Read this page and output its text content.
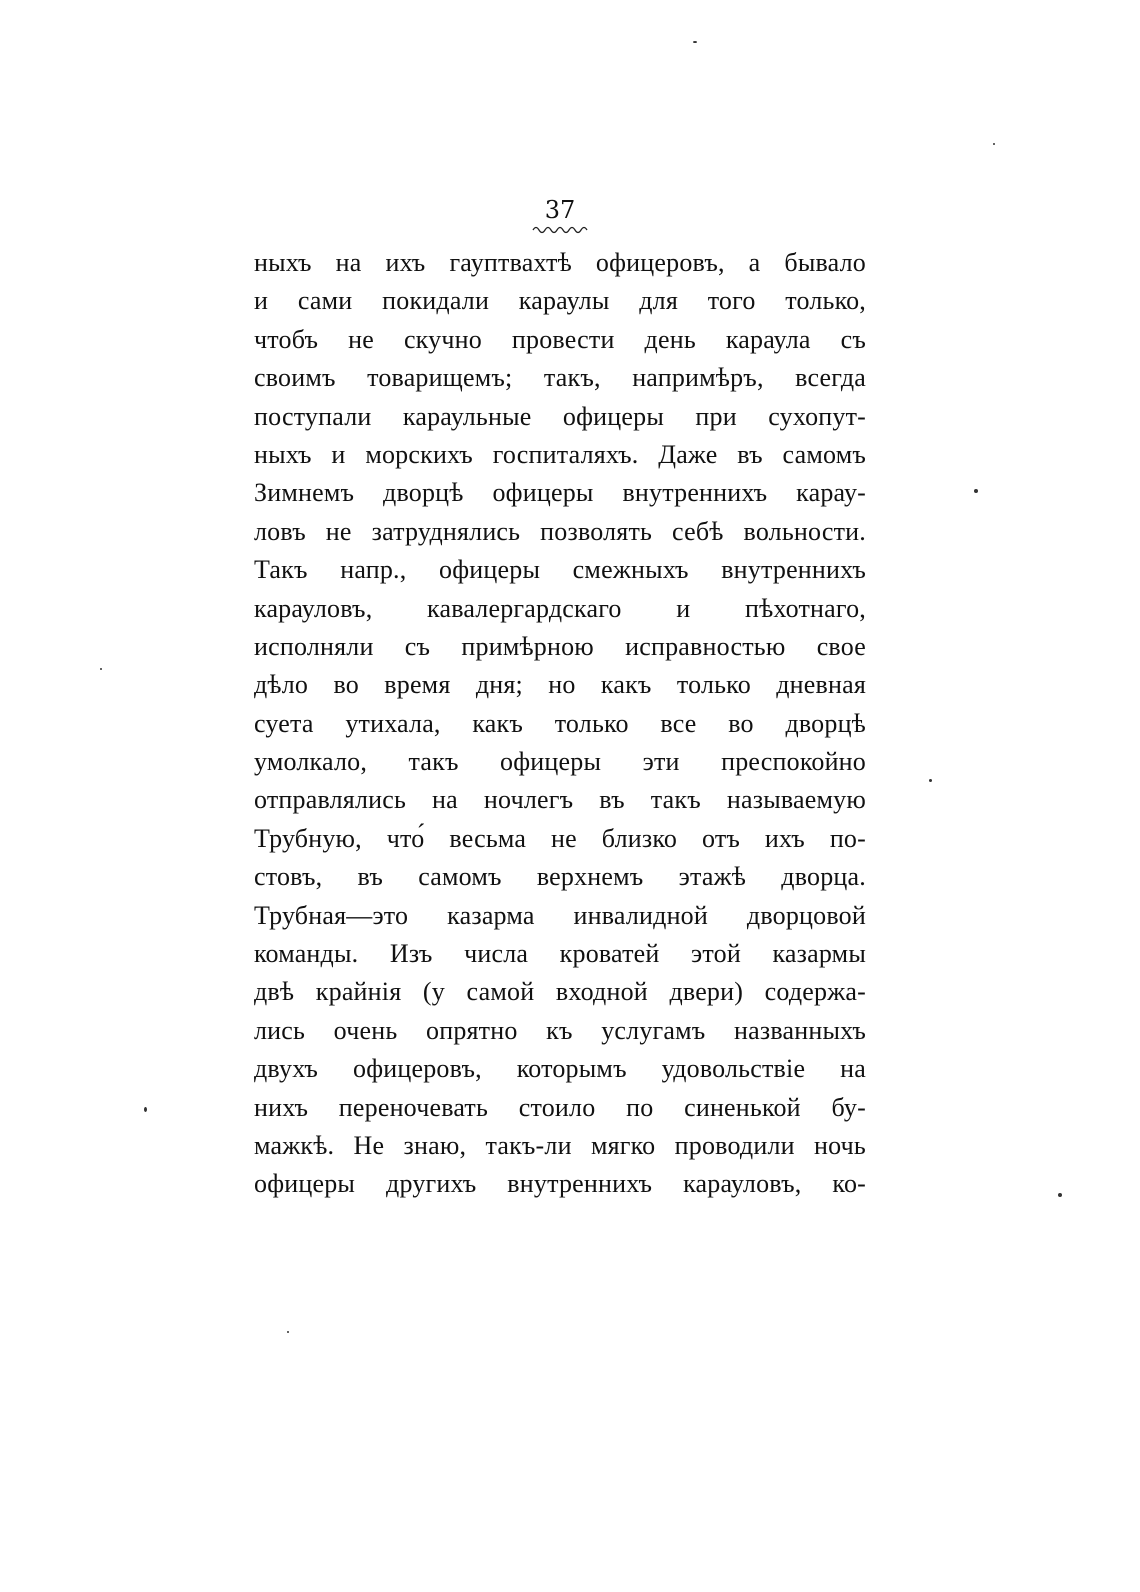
37
ныхъ на ихъ гауптвахтѣ офицеровъ, а бывало
и сами покидали караулы для того только,
чтобъ не скучно провести день караула съ
своимъ товарищемъ; такъ, напримѣръ, всегда
поступали караульные офицеры при сухопут-
ныхъ и морскихъ госпиталяхъ. Даже въ самомъ
Зимнемъ дворцѣ офицеры внутреннихъ карау-
ловъ не затруднялись позволять себѣ вольности.
Такъ напр., офицеры смежныхъ внутреннихъ
карауловъ, кавалергардскаго и пѣхотнаго,
исполняли съ примѣрною исправностью свое
дѣло во время дня; но какъ только дневная
суета утихала, какъ только все во дворцѣ
умолкало, такъ офицеры эти преспокойно
отправлялись на ночлегъ въ такъ называемую
Трубную, что́ весьма не близко отъ ихъ по-
стовъ, въ самомъ верхнемъ этажѣ дворца.
Трубная—это казарма инвалидной дворцовой
команды. Изъ числа кроватей этой казармы
двѣ крайнія (у самой входной двери) содержа-
лись очень опрятно къ услугамъ названныхъ
двухъ офицеровъ, которымъ удовольствіе на
нихъ переночевать стоило по синенькой бу-
мажкѣ. Не знаю, такъ-ли мягко проводили ночь
офицеры другихъ внутреннихъ карауловъ, ко-
